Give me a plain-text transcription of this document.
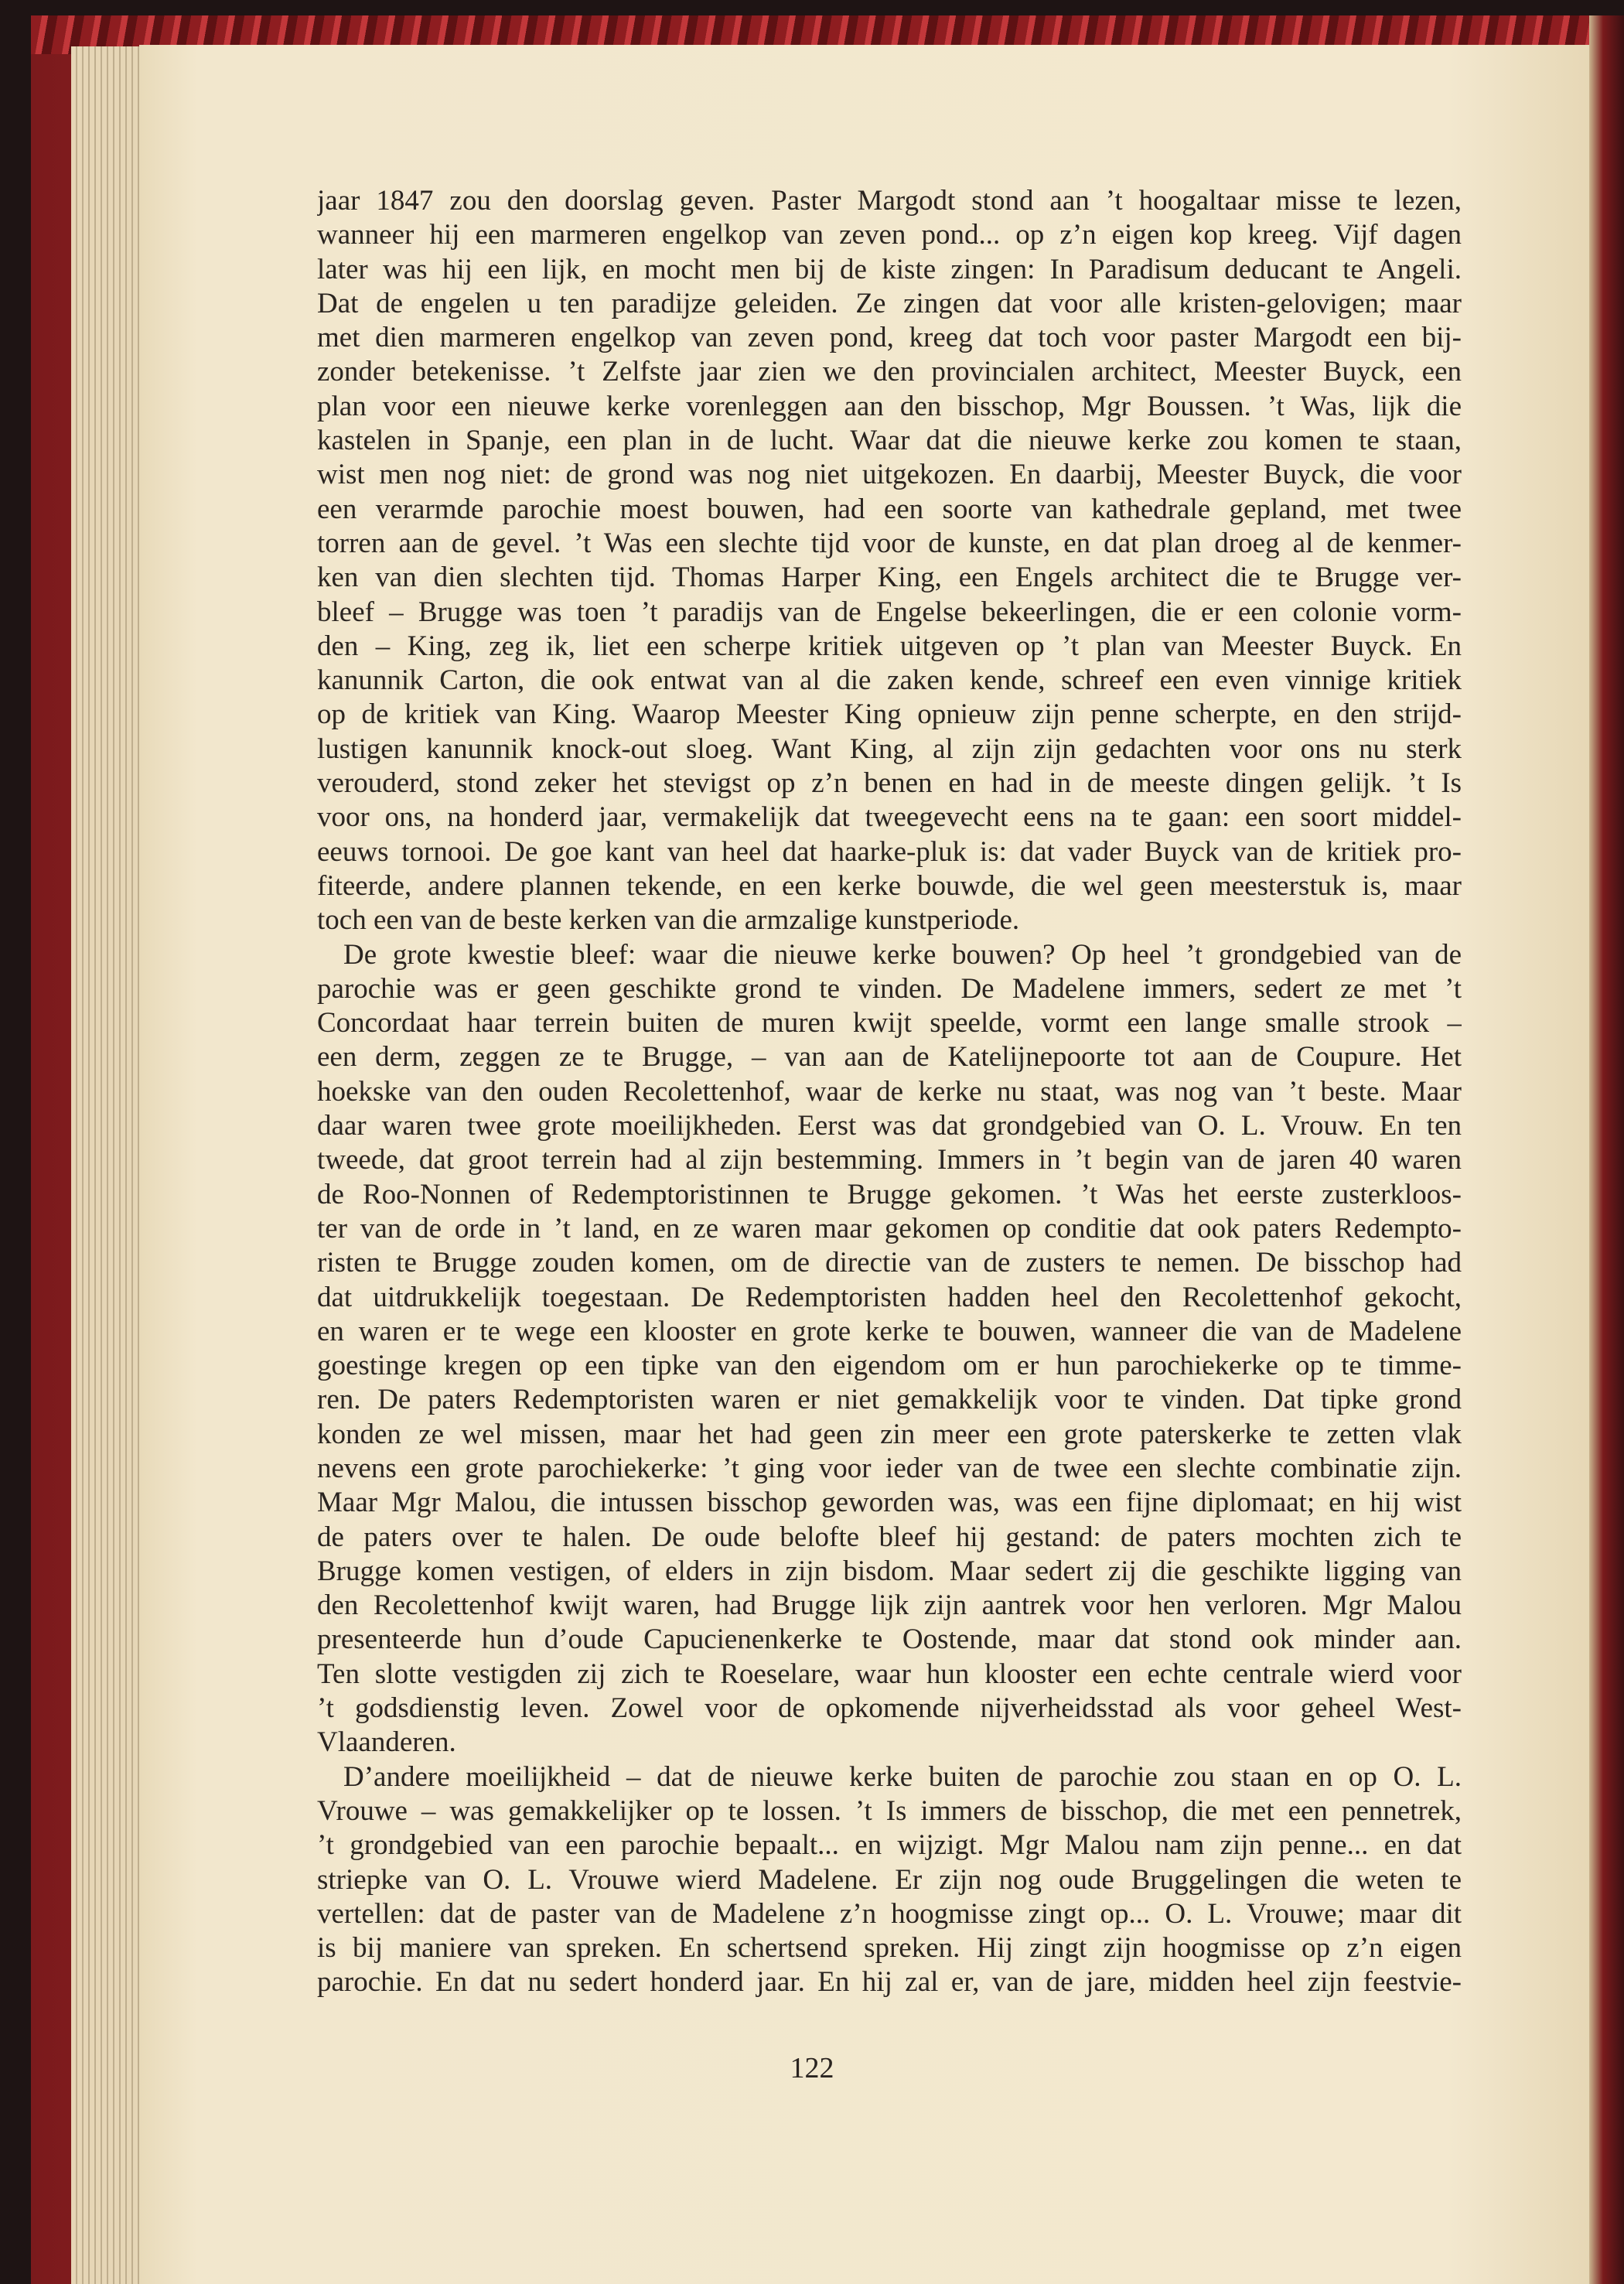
jaar 1847 zou den doorslag geven. Paster Margodt stond aan ’t hoogaltaar misse te lezen,
wanneer hij een marmeren engelkop van zeven pond... op z’n eigen kop kreeg. Vijf dagen
later was hij een lijk, en mocht men bij de kiste zingen: In Paradisum deducant te Angeli.
Dat de engelen u ten paradijze geleiden. Ze zingen dat voor alle kristen-gelovigen; maar
met dien marmeren engelkop van zeven pond, kreeg dat toch voor paster Margodt een bij-
zonder betekenisse. ’t Zelfste jaar zien we den provincialen architect, Meester Buyck, een
plan voor een nieuwe kerke vorenleggen aan den bisschop, Mgr Boussen. ’t Was, lijk die
kastelen in Spanje, een plan in de lucht. Waar dat die nieuwe kerke zou komen te staan,
wist men nog niet: de grond was nog niet uitgekozen. En daarbij, Meester Buyck, die voor
een verarmde parochie moest bouwen, had een soorte van kathedrale gepland, met twee
torren aan de gevel. ’t Was een slechte tijd voor de kunste, en dat plan droeg al de kenmer-
ken van dien slechten tijd. Thomas Harper King, een Engels architect die te Brugge ver-
bleef – Brugge was toen ’t paradijs van de Engelse bekeerlingen, die er een colonie vorm-
den – King, zeg ik, liet een scherpe kritiek uitgeven op ’t plan van Meester Buyck. En
kanunnik Carton, die ook entwat van al die zaken kende, schreef een even vinnige kritiek
op de kritiek van King. Waarop Meester King opnieuw zijn penne scherpte, en den strijd-
lustigen kanunnik knock-out sloeg. Want King, al zijn zijn gedachten voor ons nu sterk
verouderd, stond zeker het stevigst op z’n benen en had in de meeste dingen gelijk. ’t Is
voor ons, na honderd jaar, vermakelijk dat tweegevecht eens na te gaan: een soort middel-
eeuws tornooi. De goe kant van heel dat haarke-pluk is: dat vader Buyck van de kritiek pro-
fiteerde, andere plannen tekende, en een kerke bouwde, die wel geen meesterstuk is, maar
toch een van de beste kerken van die armzalige kunstperiode.
De grote kwestie bleef: waar die nieuwe kerke bouwen? Op heel ’t grondgebied van de
parochie was er geen geschikte grond te vinden. De Madelene immers, sedert ze met ’t
Concordaat haar terrein buiten de muren kwijt speelde, vormt een lange smalle strook –
een derm, zeggen ze te Brugge, – van aan de Katelijnepoorte tot aan de Coupure. Het
hoekske van den ouden Recolettenhof, waar de kerke nu staat, was nog van ’t beste. Maar
daar waren twee grote moeilijkheden. Eerst was dat grondgebied van O. L. Vrouw. En ten
tweede, dat groot terrein had al zijn bestemming. Immers in ’t begin van de jaren 40 waren
de Roo-Nonnen of Redemptoristinnen te Brugge gekomen. ’t Was het eerste zusterkloos-
ter van de orde in ’t land, en ze waren maar gekomen op conditie dat ook paters Redempto-
risten te Brugge zouden komen, om de directie van de zusters te nemen. De bisschop had
dat uitdrukkelijk toegestaan. De Redemptoristen hadden heel den Recolettenhof gekocht,
en waren er te wege een klooster en grote kerke te bouwen, wanneer die van de Madelene
goestinge kregen op een tipke van den eigendom om er hun parochiekerke op te timme-
ren. De paters Redemptoristen waren er niet gemakkelijk voor te vinden. Dat tipke grond
konden ze wel missen, maar het had geen zin meer een grote paterskerke te zetten vlak
nevens een grote parochiekerke: ’t ging voor ieder van de twee een slechte combinatie zijn.
Maar Mgr Malou, die intussen bisschop geworden was, was een fijne diplomaat; en hij wist
de paters over te halen. De oude belofte bleef hij gestand: de paters mochten zich te
Brugge komen vestigen, of elders in zijn bisdom. Maar sedert zij die geschikte ligging van
den Recolettenhof kwijt waren, had Brugge lijk zijn aantrek voor hen verloren. Mgr Malou
presenteerde hun d’oude Capucienenkerke te Oostende, maar dat stond ook minder aan.
Ten slotte vestigden zij zich te Roeselare, waar hun klooster een echte centrale wierd voor
’t godsdienstig leven. Zowel voor de opkomende nijverheidsstad als voor geheel West-
Vlaanderen.
D’andere moeilijkheid – dat de nieuwe kerke buiten de parochie zou staan en op O. L.
Vrouwe – was gemakkelijker op te lossen. ’t Is immers de bisschop, die met een pennetrek,
’t grondgebied van een parochie bepaalt... en wijzigt. Mgr Malou nam zijn penne... en dat
striepke van O. L. Vrouwe wierd Madelene. Er zijn nog oude Bruggelingen die weten te
vertellen: dat de paster van de Madelene z’n hoogmisse zingt op... O. L. Vrouwe; maar dit
is bij maniere van spreken. En schertsend spreken. Hij zingt zijn hoogmisse op z’n eigen
parochie. En dat nu sedert honderd jaar. En hij zal er, van de jare, midden heel zijn feestvie-
122
